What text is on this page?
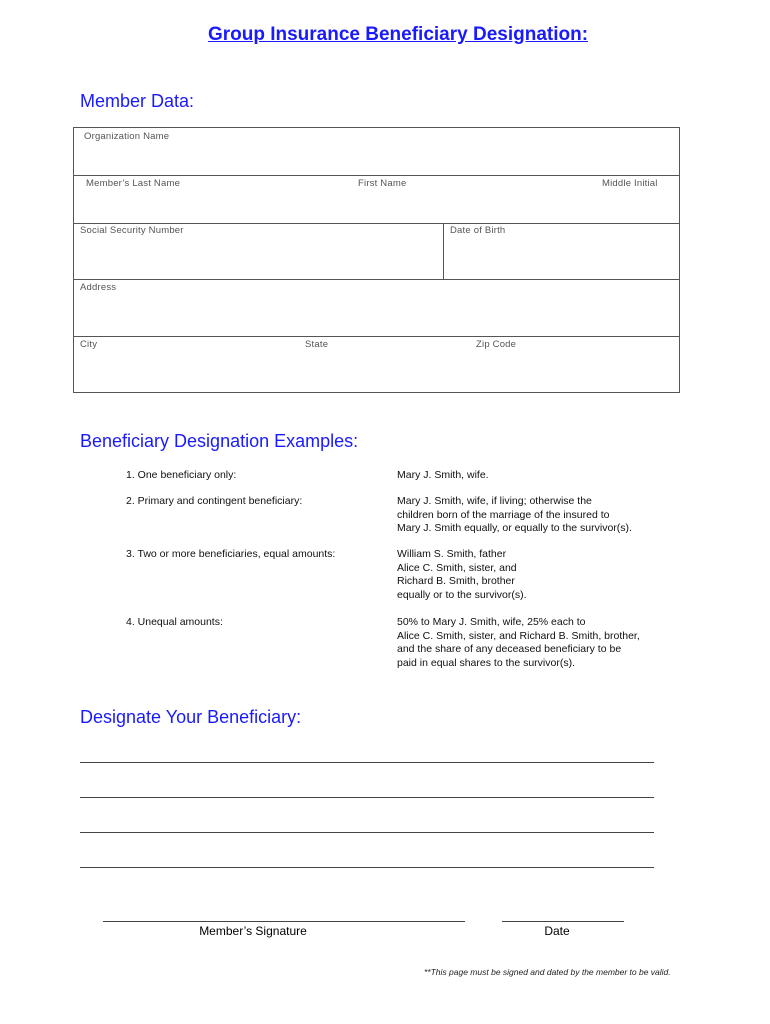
Group Insurance Beneficiary Designation:
Member Data:
Organization Name
Member’s Last Name	First Name	Middle Initial
Social Security Number	Date of Birth
Address
City	State	Zip Code
Beneficiary Designation Examples:
1. One beneficiary only:	Mary J. Smith, wife.
2. Primary and contingent beneficiary:	Mary J. Smith, wife, if living; otherwise the
children born of the marriage of the insured to
Mary J. Smith equally, or equally to the survivor(s).
3. Two or more beneficiaries, equal amounts:	William S. Smith, father
Alice C. Smith, sister, and
Richard B. Smith, brother
equally or to the survivor(s).
4. Unequal amounts:	50% to Mary J. Smith, wife, 25% each to
Alice C. Smith, sister, and Richard B. Smith, brother,
and the share of any deceased beneficiary to be
paid in equal shares to the survivor(s).
Designate Your Beneficiary:
Member’s Signature	Date
**This page must be signed and dated by the member to be valid.
